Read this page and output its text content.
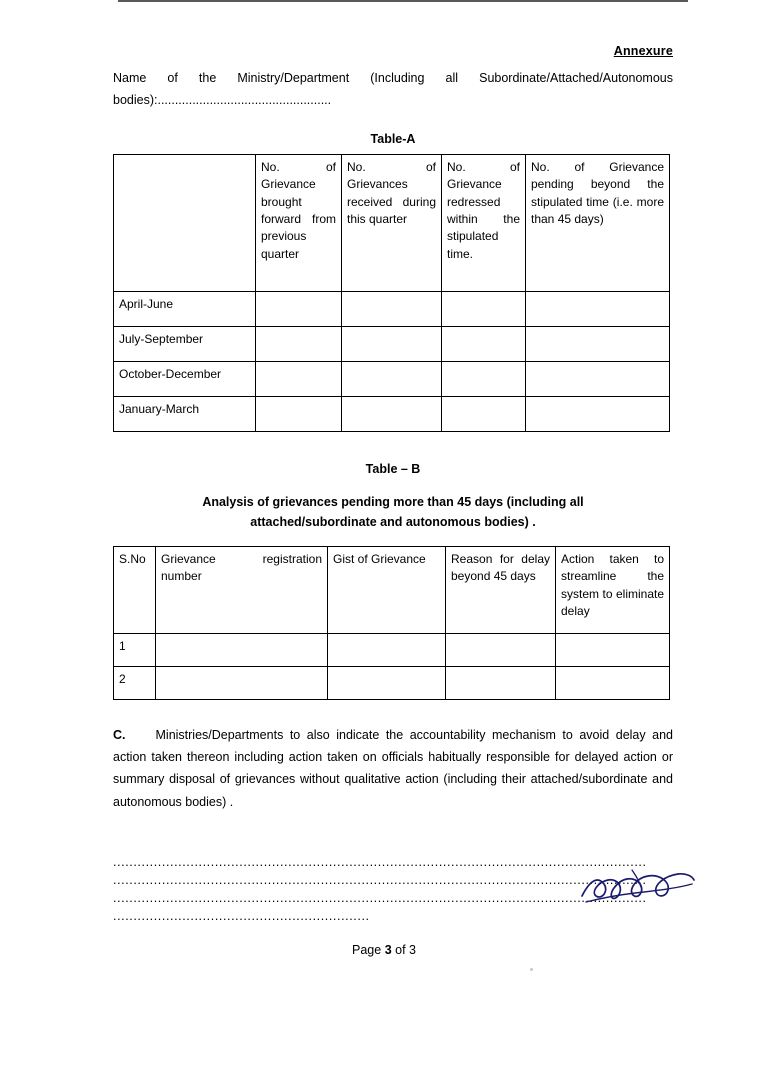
Annexure
Name of the Ministry/Department (Including all Subordinate/Attached/Autonomous bodies):..................................................
Table-A
	No. of Grievance brought forward from previous quarter	No. of Grievances received during this quarter	No. of Grievance redressed within the stipulated time.	No. of Grievance pending beyond the stipulated time (i.e. more than 45 days)
April-June				
July-September				
October-December				
January-March				
Table – B
Analysis of grievances pending more than 45 days (including all attached/subordinate and autonomous bodies) .
S.No	Grievance registration number	Gist of Grievance	Reason for delay beyond 45 days	Action taken to streamline the system to eliminate delay
1				
2				
C. Ministries/Departments to also indicate the accountability mechanism to avoid delay and action taken thereon including action taken on officials habitually responsible for delayed action or summary disposal of grievances without qualitative action (including their attached/subordinate and autonomous bodies) .
...................................................................................................................................
...................................................................................................................................
...................................................................................................................................
...............................................................
Page 3 of 3
